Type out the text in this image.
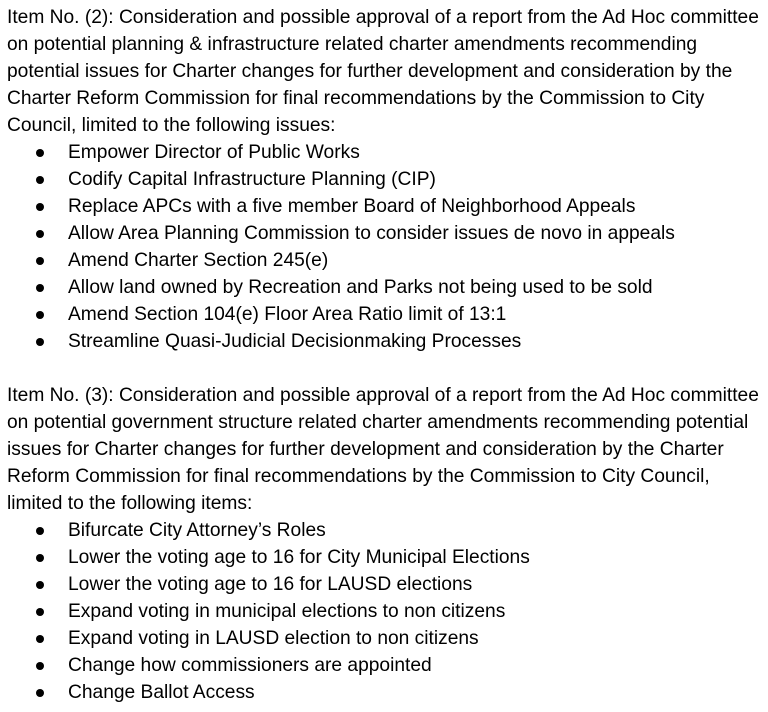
Item No. (2): Consideration and possible approval of a report from the Ad Hoc committee on potential planning & infrastructure related charter amendments recommending potential issues for Charter changes for further development and consideration by the Charter Reform Commission for final recommendations by the Commission to City Council, limited to the following issues:

Empower Director of Public Works
Codify Capital Infrastructure Planning (CIP)
Replace APCs with a five member Board of Neighborhood Appeals
Allow Area Planning Commission to consider issues de novo in appeals
Amend Charter Section 245(e)
Allow land owned by Recreation and Parks not being used to be sold
Amend Section 104(e) Floor Area Ratio limit of 13:1
Streamline Quasi-Judicial Decisionmaking Processes

Item No. (3): Consideration and possible approval of a report from the Ad Hoc committee on potential government structure related charter amendments recommending potential issues for Charter changes for further development and consideration by the Charter Reform Commission for final recommendations by the Commission to City Council, limited to the following items:

Bifurcate City Attorney’s Roles
Lower the voting age to 16 for City Municipal Elections
Lower the voting age to 16 for LAUSD elections
Expand voting in municipal elections to non citizens
Expand voting in LAUSD election to non citizens
Change how commissioners are appointed
Change Ballot Access
